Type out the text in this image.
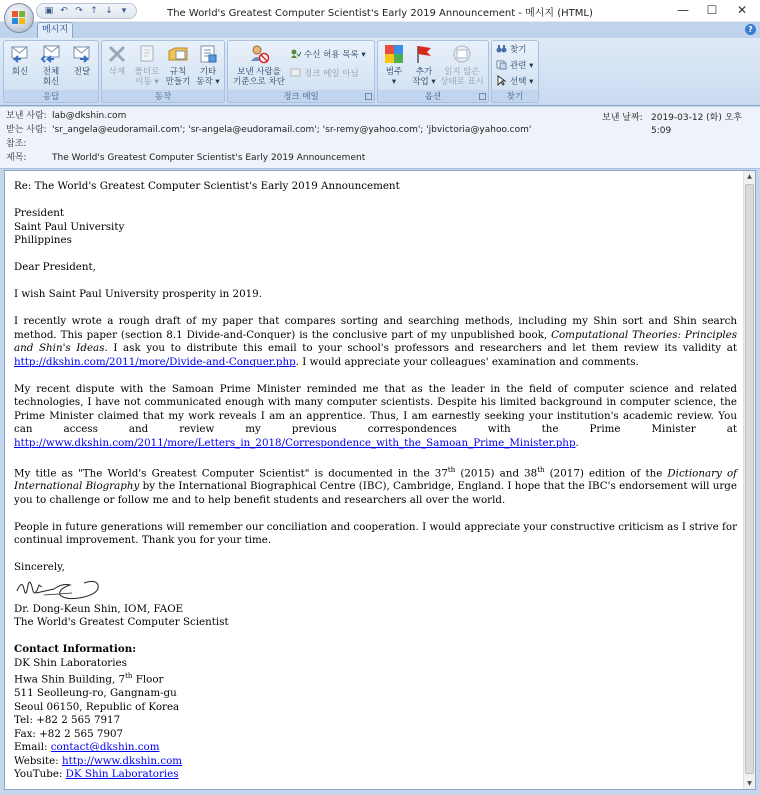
▣ ↶ ↷ ↑ ↓ ▾	The World's Greatest Computer Scientist's Early 2019 Announcement - 메시지 (HTML)	—	☐	✕
메시지	?
회신	전체
회신
전달
응답
삭제	폴더로
이동 ▾
규칙
만들기
기타
동작 ▾
동작
보낸 사람을
기준으로 차단
수신 허용 목록 ▾
정크 메일 아님
정크 메일
범주
▾
추가
작업 ▾
읽지 않은
상태로 표시
옵션
찾기
관련 ▾
선택 ▾
찾기
보낸 사람: lab@dkshin.com	보낸 날짜: 2019-03-12 (화) 오후 5:09
받는 사람: 'sr_angela@eudoramail.com'; 'sr-angela@eudoramail.com'; 'sr-remy@yahoo.com'; 'jbvictoria@yahoo.com'
참조:
제목:	The World's Greatest Computer Scientist's Early 2019 Announcement

Re: The World's Greatest Computer Scientist's Early 2019 Announcement

President
Saint Paul University
Philippines

Dear President,

I wish Saint Paul University prosperity in 2019.

I recently wrote a rough draft of my paper that compares sorting and searching methods, including my Shin sort and Shin search method. This paper (section 8.1 Divide-and-Conquer) is the conclusive part of my unpublished book, Computational Theories: Principles and Shin's Ideas. I ask you to distribute this email to your school's professors and researchers and let them review its validity at http://dkshin.com/2011/more/Divide-and-Conquer.php. I would appreciate your colleagues' examination and comments.

My recent dispute with the Samoan Prime Minister reminded me that as the leader in the field of computer science and related technologies, I have not communicated enough with many computer scientists. Despite his limited background in computer science, the Prime Minister claimed that my work reveals I am an apprentice. Thus, I am earnestly seeking your institution's academic review. You can access and review my previous correspondences with the Prime Minister at http://www.dkshin.com/2011/more/Letters_in_2018/Correspondence_with_the_Samoan_Prime_Minister.php.

My title as "The World's Greatest Computer Scientist" is documented in the 37th (2015) and 38th (2017) edition of the Dictionary of International Biography by the International Biographical Centre (IBC), Cambridge, England. I hope that the IBC's endorsement will urge you to challenge or follow me and to help benefit students and researchers all over the world.

People in future generations will remember our conciliation and cooperation. I would appreciate your constructive criticism as I strive for continual improvement. Thank you for your time.

Sincerely,

Dr. Dong-Keun Shin, IOM, FAOE
The World's Greatest Computer Scientist

Contact Information:
DK Shin Laboratories
Hwa Shin Building, 7th Floor
511 Seolleung-ro, Gangnam-gu
Seoul 06150, Republic of Korea
Tel: +82 2 565 7917
Fax: +82 2 565 7907
Email: contact@dkshin.com
Website: http://www.dkshin.com
YouTube: DK Shin Laboratories

▲
▼
